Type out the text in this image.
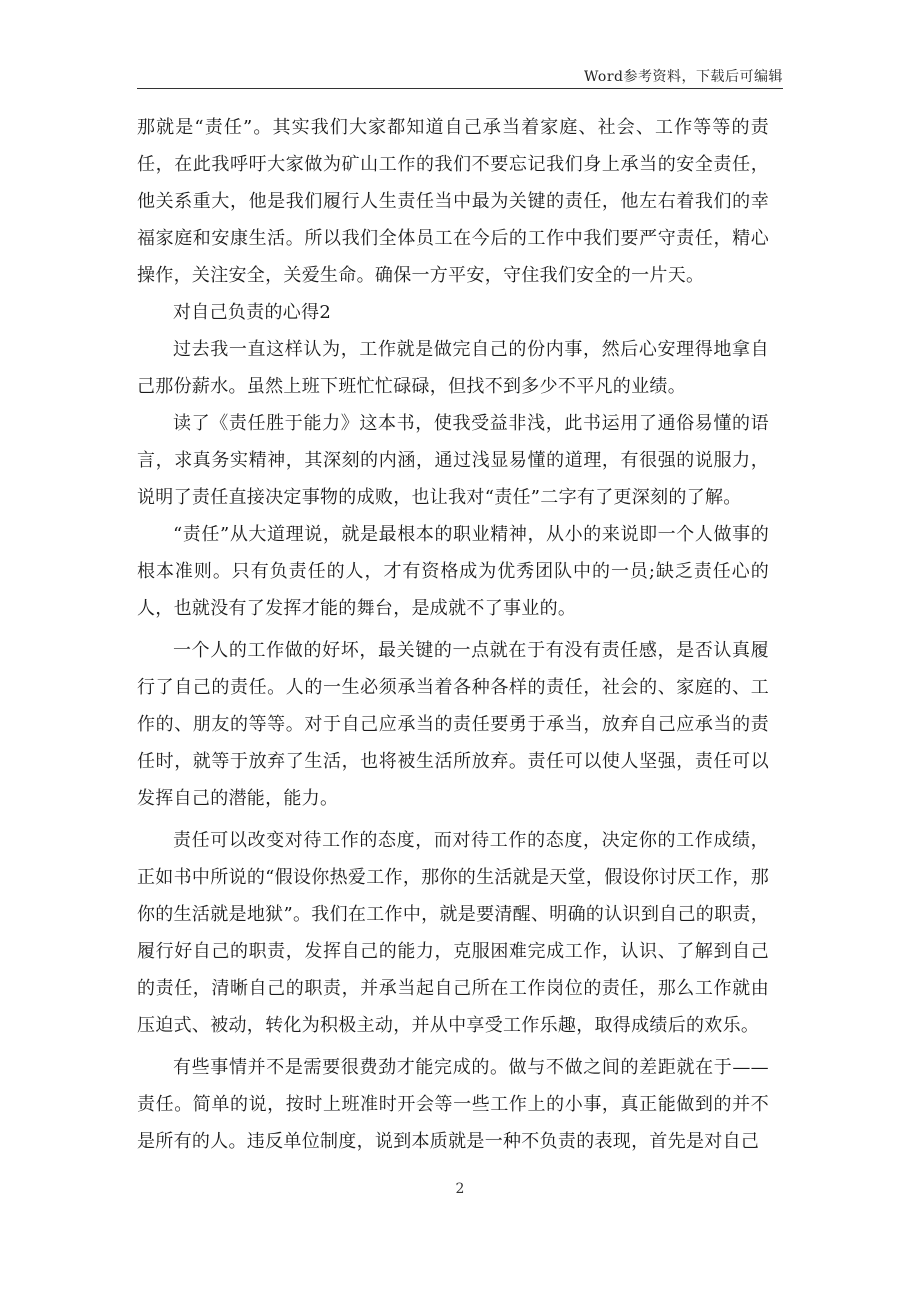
Word参考资料，下载后可编辑

那就是“责任”。其实我们大家都知道自己承当着家庭、社会、工作等等的责任，在此我呼吁大家做为矿山工作的我们不要忘记我们身上承当的安全责任，他关系重大，他是我们履行人生责任当中最为关键的责任，他左右着我们的幸福家庭和安康生活。所以我们全体员工在今后的工作中我们要严守责任，精心操作，关注安全，关爱生命。确保一方平安，守住我们安全的一片天。

对自己负责的心得2

过去我一直这样认为，工作就是做完自己的份内事，然后心安理得地拿自己那份薪水。虽然上班下班忙忙碌碌，但找不到多少不平凡的业绩。

读了《责任胜于能力》这本书，使我受益非浅，此书运用了通俗易懂的语言，求真务实精神，其深刻的内涵，通过浅显易懂的道理，有很强的说服力，说明了责任直接决定事物的成败，也让我对“责任”二字有了更深刻的了解。

“责任”从大道理说，就是最根本的职业精神，从小的来说即一个人做事的根本准则。只有负责任的人，才有资格成为优秀团队中的一员;缺乏责任心的人，也就没有了发挥才能的舞台，是成就不了事业的。

一个人的工作做的好坏，最关键的一点就在于有没有责任感，是否认真履行了自己的责任。人的一生必须承当着各种各样的责任，社会的、家庭的、工作的、朋友的等等。对于自己应承当的责任要勇于承当，放弃自己应承当的责任时，就等于放弃了生活，也将被生活所放弃。责任可以使人坚强，责任可以发挥自己的潜能，能力。

责任可以改变对待工作的态度，而对待工作的态度，决定你的工作成绩，正如书中所说的“假设你热爱工作，那你的生活就是天堂，假设你讨厌工作，那你的生活就是地狱”。我们在工作中，就是要清醒、明确的认识到自己的职责，履行好自己的职责，发挥自己的能力，克服困难完成工作，认识、了解到自己的责任，清晰自己的职责，并承当起自己所在工作岗位的责任，那么工作就由压迫式、被动，转化为积极主动，并从中享受工作乐趣，取得成绩后的欢乐。

有些事情并不是需要很费劲才能完成的。做与不做之间的差距就在于——责任。简单的说，按时上班准时开会等一些工作上的小事，真正能做到的并不是所有的人。违反单位制度，说到本质就是一种不负责的表现，首先是对自己

2
